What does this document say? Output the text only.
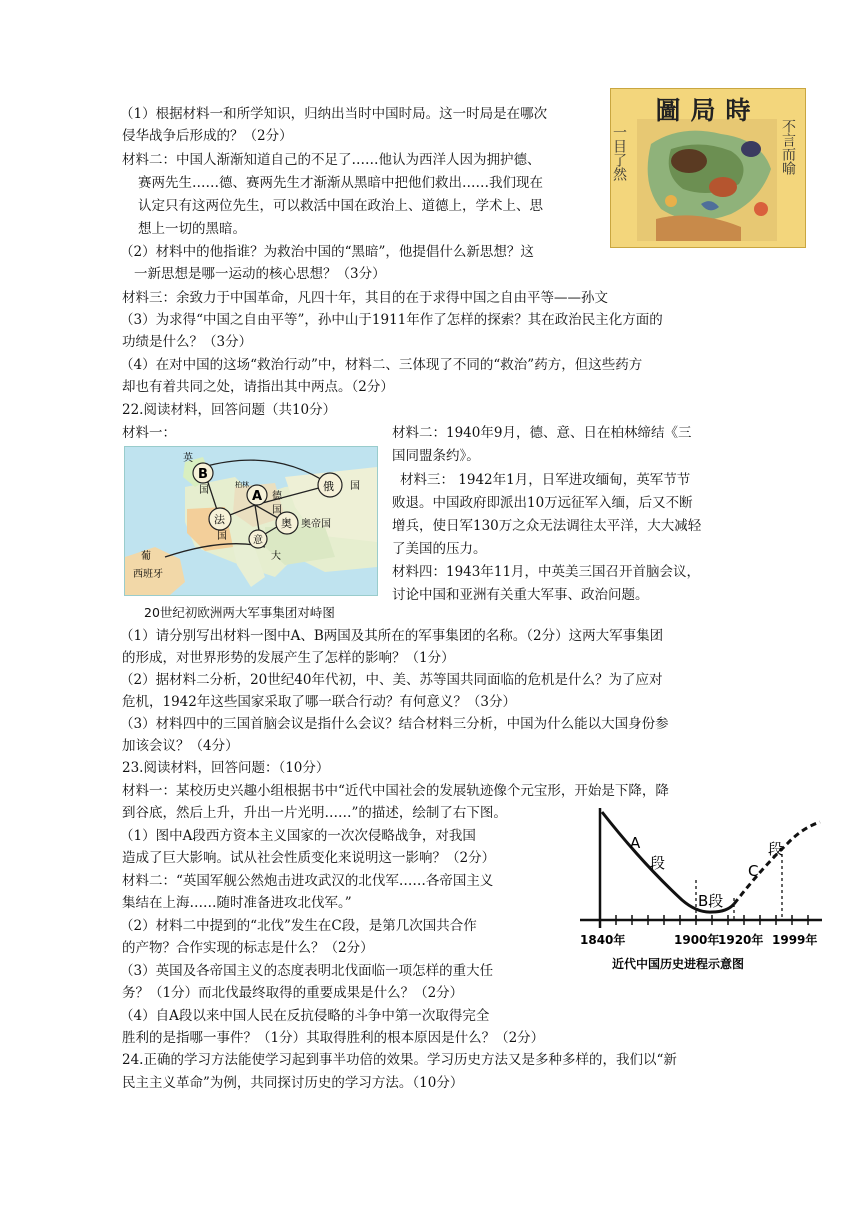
圖局時
一目了然	不言而喻
（1）根据材料一和所学知识，归纳出当时中国时局。这一时局是在哪次
侵华战争后形成的？（2分）
材料二：中国人渐渐知道自己的不足了……他认为西洋人因为拥护德、
赛两先生……德、赛两先生才渐渐从黑暗中把他们救出……我们现在
认定只有这两位先生，可以救活中国在政治上、道德上，学术上、思
想上一切的黑暗。
（2）材料中的他指谁？为救治中国的“黑暗”，他提倡什么新思想？这
一新思想是哪一运动的核心思想？（3分）
材料三：余致力于中国革命，凡四十年，其目的在于求得中国之自由平等——孙文
（3）为求得“中国之自由平等”，孙中山于1911年作了怎样的探索？其在政治民主化方面的
功绩是什么？（3分）
（4）在对中国的这场“救治行动”中，材料二、三体现了不同的“救治”药方，但这些药方
却也有着共同之处，请指出其中两点。（2分）
22.阅读材料，回答问题（共10分）
材料一：
B
A
俄
法	奥
意
国
德
国
国
国
奥帝国
西班牙
葡	大
柏林
英
20世纪初欧洲两大军事集团对峙图
材料二：1940年9月，德、意、日在柏林缔结《三
国同盟条约》。
材料三： 1942年1月，日军进攻缅甸，英军节节
败退。中国政府即派出10万远征军入缅，后又不断
增兵，使日军130万之众无法调往太平洋，大大减轻
了美国的压力。
材料四：1943年11月，中英美三国召开首脑会议，
讨论中国和亚洲有关重大军事、政治问题。
（1）请分别写出材料一图中A、B两国及其所在的军事集团的名称。（2分）这两大军事集团
的形成，对世界形势的发展产生了怎样的影响？（1分）
（2）据材料二分析，20世纪40年代初，中、美、苏等国共同面临的危机是什么？为了应对
危机，1942年这些国家采取了哪一联合行动？有何意义？（3分）
（3）材料四中的三国首脑会议是指什么会议？结合材料三分析，中国为什么能以大国身份参
加该会议？（4分）
23.阅读材料，回答问题：（10分）
材料一：某校历史兴趣小组根据书中“近代中国社会的发展轨迹像个元宝形，开始是下降，降
到谷底，然后上升，升出一片光明……”的描述，绘制了右下图。
（1）图中A段西方资本主义国家的一次次侵略战争，对我国
造成了巨大影响。试从社会性质变化来说明这一影响？（2分）
材料二：“英国军舰公然炮击进攻武汉的北伐军……各帝国主义
集结在上海……随时准备进攻北伐军。”
（2）材料二中提到的“北伐”发生在C段，是第几次国共合作
的产物？合作实现的标志是什么？（2分）
（3）英国及各帝国主义的态度表明北伐面临一项怎样的重大任
务？（1分）而北伐最终取得的重要成果是什么？（2分）
（4）自A段以来中国人民在反抗侵略的斗争中第一次取得完全
胜利的是指哪一事件？（1分）其取得胜利的根本原因是什么？（2分）
A
段
B段
C
段
1840年	1900年
1920年 1999年
近代中国历史进程示意图
24.正确的学习方法能使学习起到事半功倍的效果。学习历史方法又是多种多样的，我们以“新
民主主义革命”为例，共同探讨历史的学习方法。（10分）
